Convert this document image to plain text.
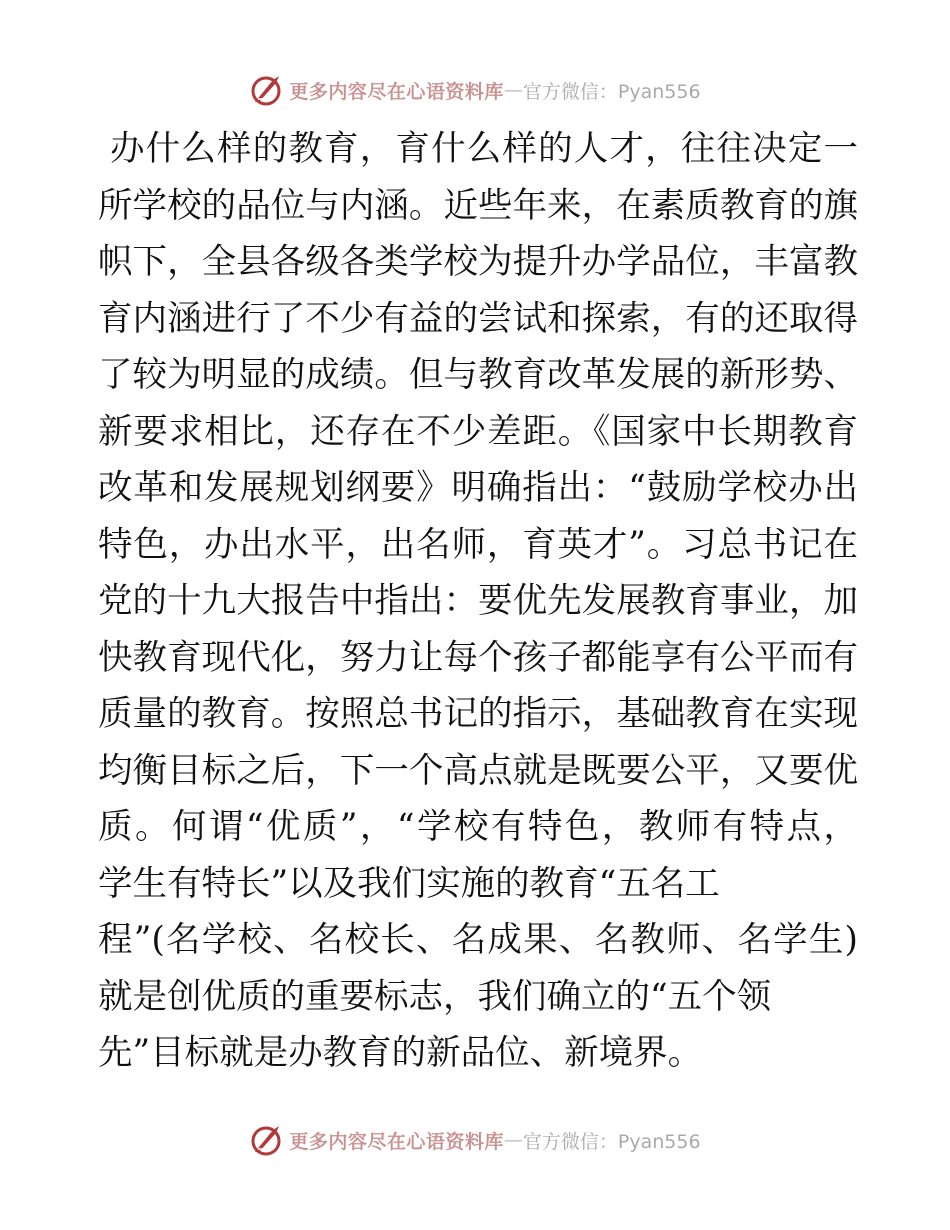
更多内容尽在心语资料库 — 官方微信：Pyan556
办什么样的教育，育什么样的人才，往往决定一
所学校的品位与内涵。近些年来，在素质教育的旗
帜下，全县各级各类学校为提升办学品位，丰富教
育内涵进行了不少有益的尝试和探索，有的还取得
了较为明显的成绩。但与教育改革发展的新形势、
新要求相比，还存在不少差距。《国家中长期教育
改革和发展规划纲要》明确指出：“鼓励学校办出
特色，办出水平，出名师，育英才”。习总书记在
党的十九大报告中指出：要优先发展教育事业，加
快教育现代化，努力让每个孩子都能享有公平而有
质量的教育。按照总书记的指示，基础教育在实现
均衡目标之后，下一个高点就是既要公平，又要优
质。何谓“优质”，“学校有特色，教师有特点，
学生有特长”以及我们实施的教育“五名工
程”(名学校、名校长、名成果、名教师、名学生)
就是创优质的重要标志，我们确立的“五个领
先”目标就是办教育的新品位、新境界。
更多内容尽在心语资料库 — 官方微信：Pyan556
